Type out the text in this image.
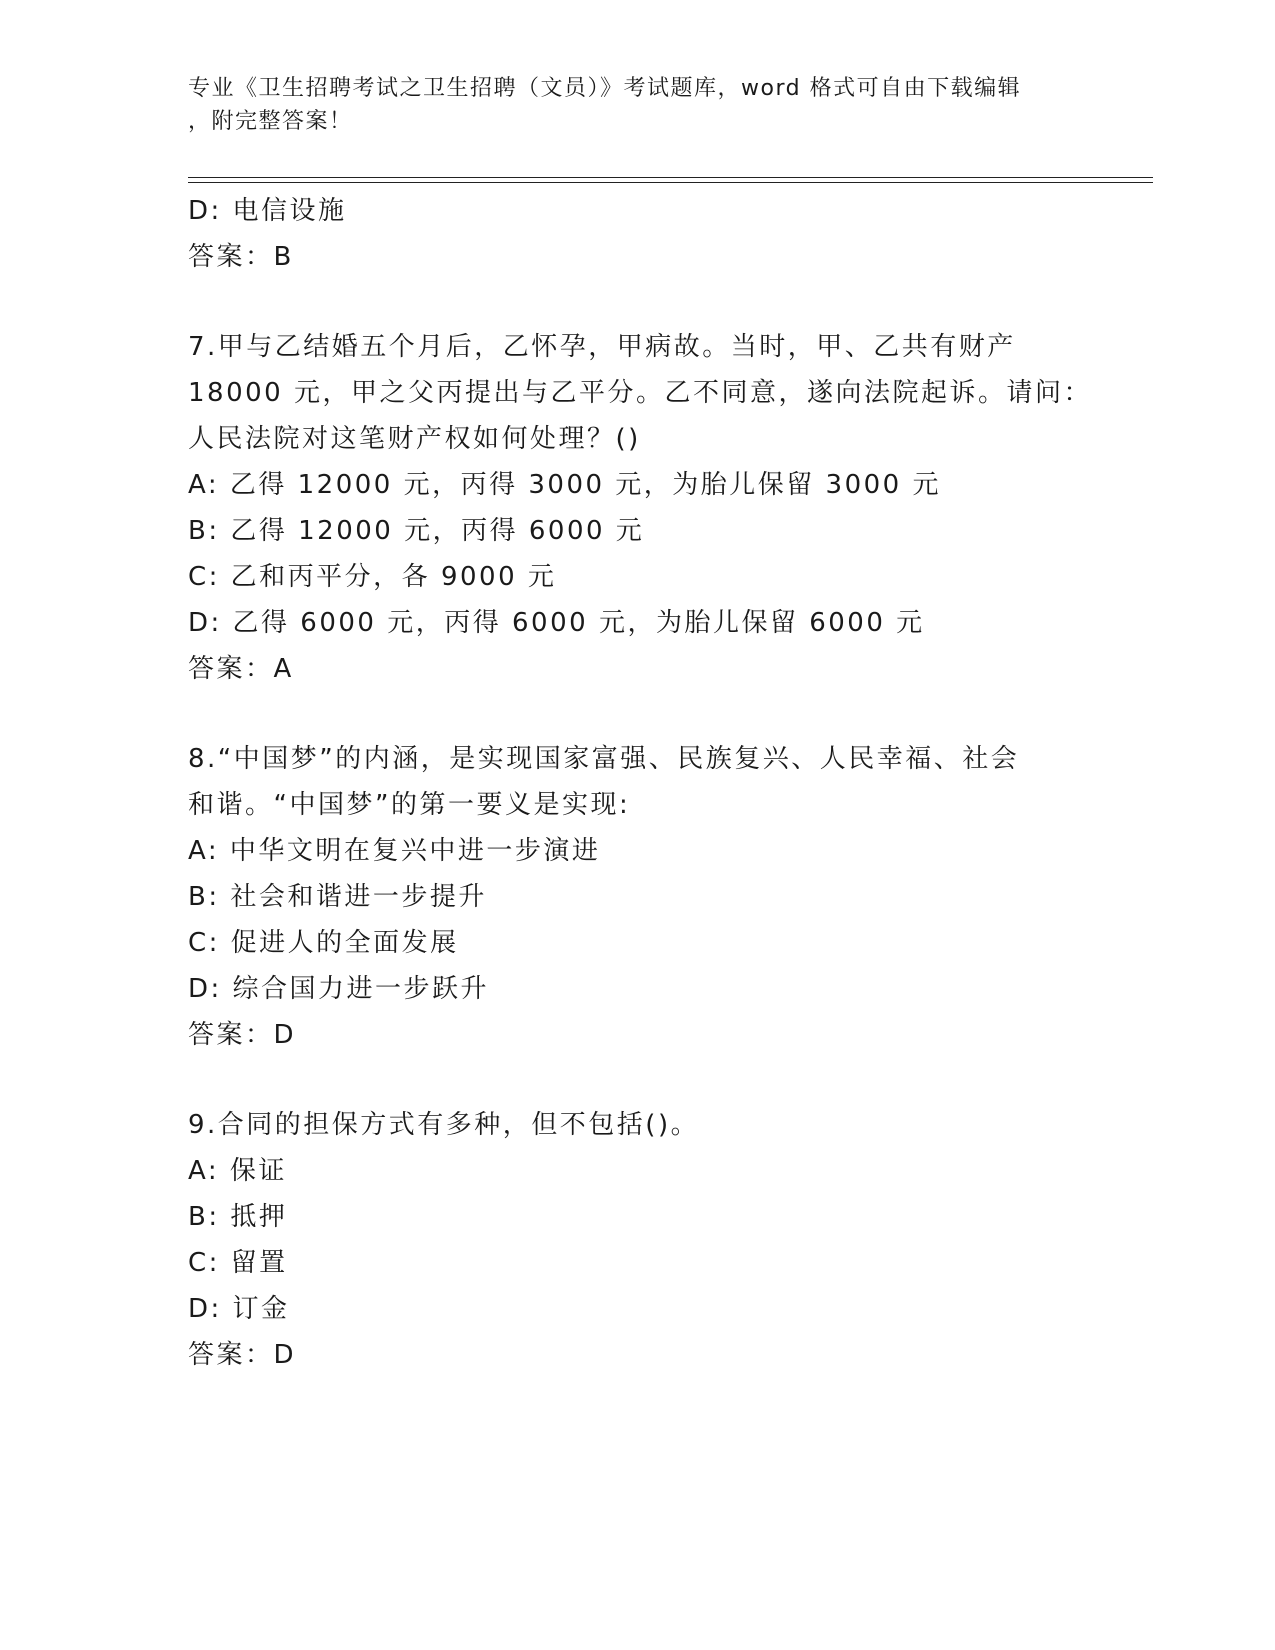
专业《卫生招聘考试之卫生招聘（文员）》考试题库，word 格式可自由下载编辑
，附完整答案！
D: 电信设施
答案：B
7.甲与乙结婚五个月后，乙怀孕，甲病故。当时，甲、乙共有财产
18000 元，甲之父丙提出与乙平分。乙不同意，遂向法院起诉。请问：
人民法院对这笔财产权如何处理？()
A: 乙得 12000 元，丙得 3000 元，为胎儿保留 3000 元
B: 乙得 12000 元，丙得 6000 元
C: 乙和丙平分，各 9000 元
D: 乙得 6000 元，丙得 6000 元，为胎儿保留 6000 元
答案：A
8.“中国梦”的内涵，是实现国家富强、民族复兴、人民幸福、社会
和谐。“中国梦”的第一要义是实现:
A: 中华文明在复兴中进一步演进
B: 社会和谐进一步提升
C: 促进人的全面发展
D: 综合国力进一步跃升
答案：D
9.合同的担保方式有多种，但不包括()。
A: 保证
B: 抵押
C: 留置
D: 订金
答案：D
